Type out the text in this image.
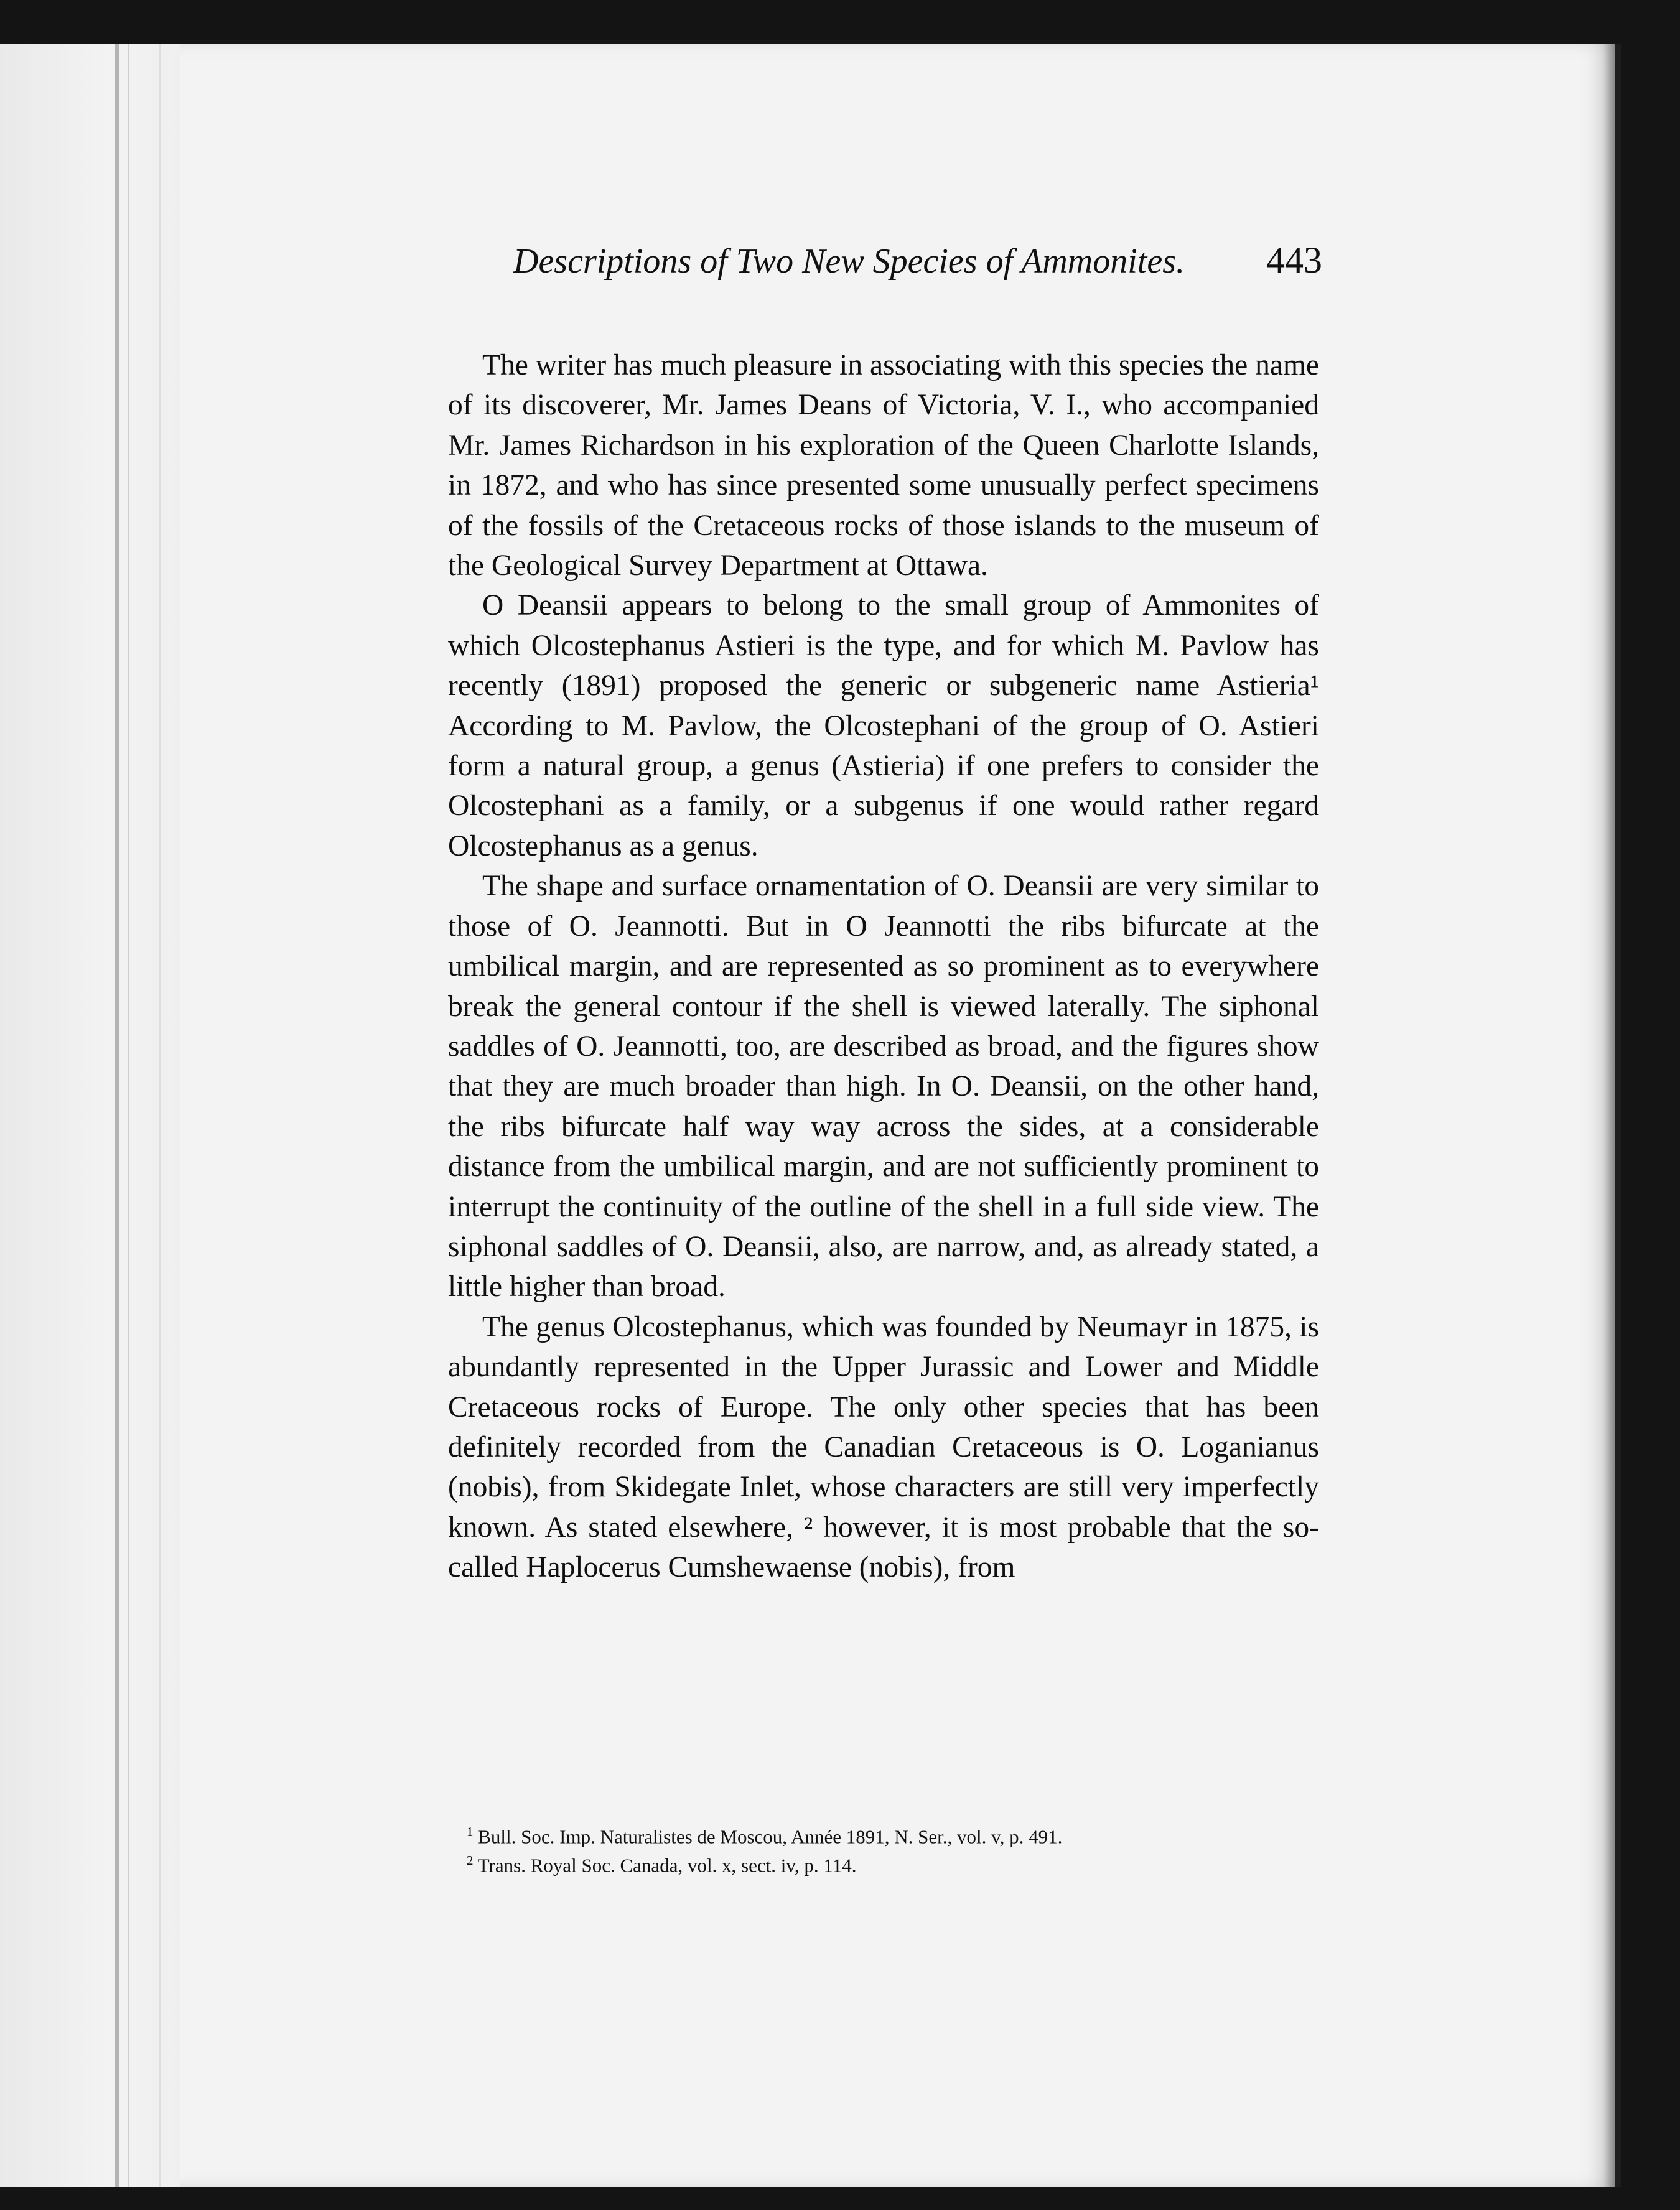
Descriptions of Two New Species of Ammonites. 443

The writer has much pleasure in associating with this species the name of its discoverer, Mr. James Deans of Victoria, V. I., who accompanied Mr. James Richardson in his exploration of the Queen Charlotte Islands, in 1872, and who has since presented some unusually perfect specimens of the fossils of the Cretaceous rocks of those islands to the museum of the Geological Survey Department at Ottawa.

O Deansii appears to belong to the small group of Ammonites of which Olcostephanus Astieri is the type, and for which M. Pavlow has recently (1891) proposed the generic or subgeneric name Astieria¹ According to M. Pavlow, the Olcostephani of the group of O. Astieri form a natural group, a genus (Astieria) if one prefers to consider the Olcostephani as a family, or a subgenus if one would rather regard Olcostephanus as a genus.

The shape and surface ornamentation of O. Deansii are very similar to those of O. Jeannotti. But in O Jeannotti the ribs bifurcate at the umbilical margin, and are represented as so prominent as to everywhere break the general contour if the shell is viewed laterally. The siphonal saddles of O. Jeannotti, too, are described as broad, and the figures show that they are much broader than high. In O. Deansii, on the other hand, the ribs bifurcate half way way across the sides, at a considerable distance from the umbilical margin, and are not sufficiently prominent to interrupt the continuity of the outline of the shell in a full side view. The siphonal saddles of O. Deansii, also, are narrow, and, as already stated, a little higher than broad.

The genus Olcostephanus, which was founded by Neumayr in 1875, is abundantly represented in the Upper Jurassic and Lower and Middle Cretaceous rocks of Europe. The only other species that has been definitely recorded from the Canadian Cretaceous is O. Loganianus (nobis), from Skidegate Inlet, whose characters are still very imperfectly known. As stated elsewhere, ² however, it is most probable that the so-called Haplocerus Cumshewaense (nobis), from

$^1$ Bull. Soc. Imp. Naturalistes de Moscou, Année 1891, N. Ser., vol. v, p. 491.

$^2$ Trans. Royal Soc. Canada, vol. x, sect. iv, p. 114.
